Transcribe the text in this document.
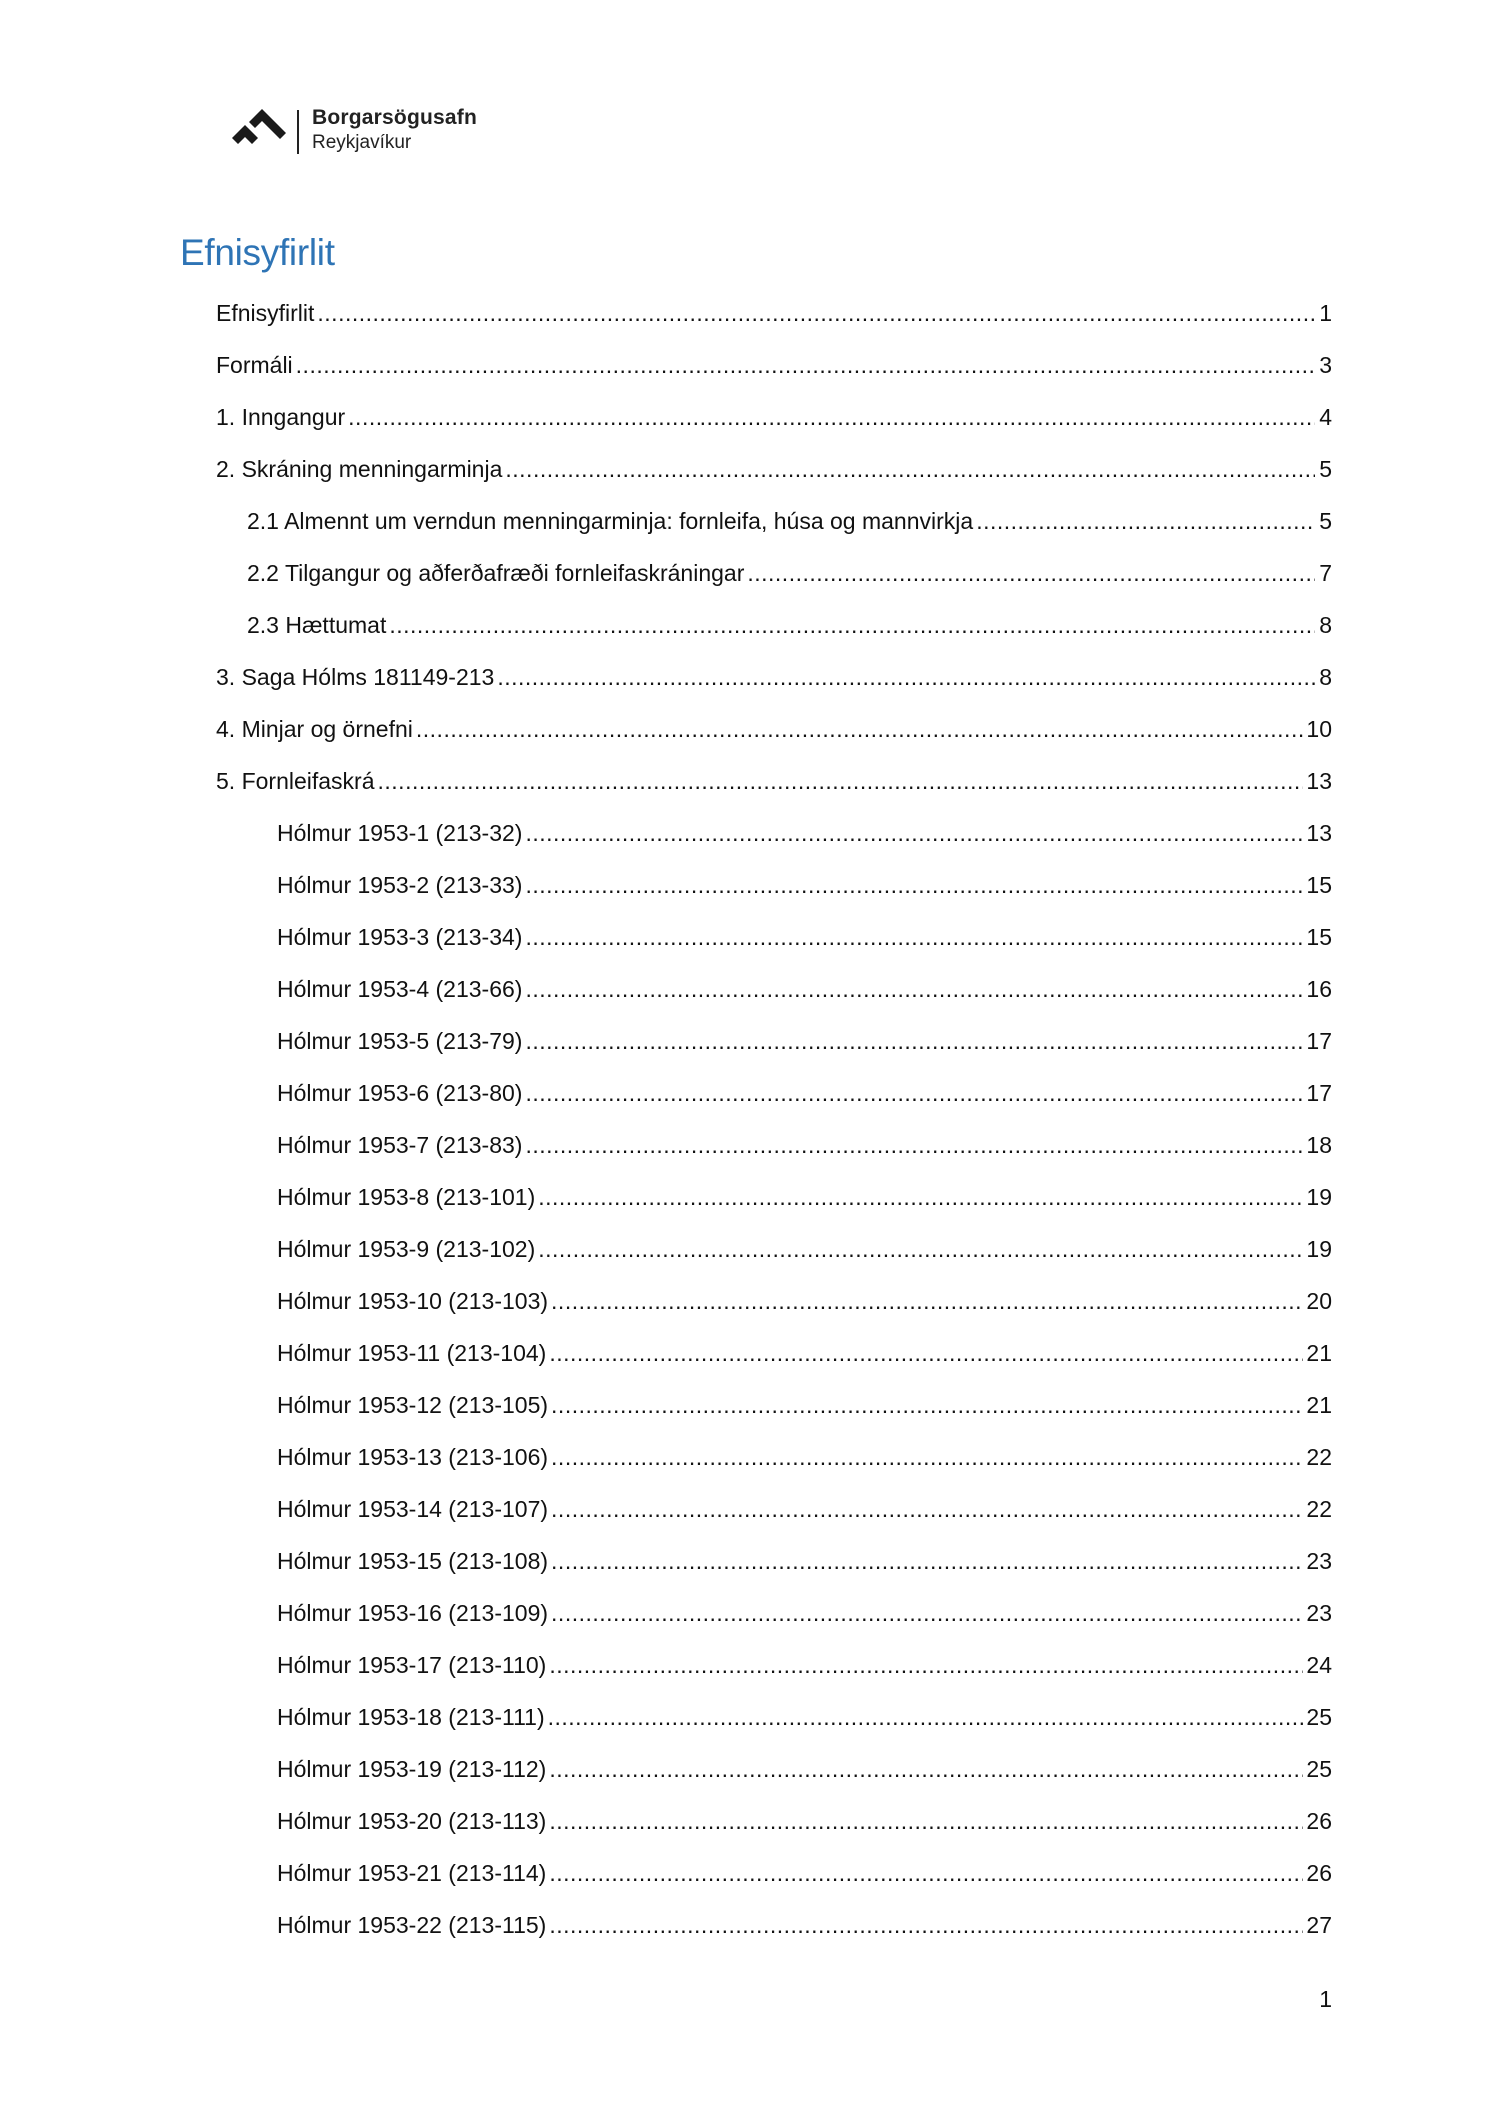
Borgarsögusafn
Reykjavíkur
Efnisyfirlit
Efnisyfirlit .....	1
Formáli .....	3
1. Inngangur .....	4
2. Skráning menningarminja .....	5
2.1 Almennt um verndun menningarminja: fornleifa, húsa og mannvirkja .....	5
2.2 Tilgangur og aðferðafræði fornleifaskráningar .....	7
2.3 Hættumat .....	8
3. Saga Hólms 181149-213 .....	8
4. Minjar og örnefni .....	10
5. Fornleifaskrá .....	13
Hólmur 1953-1 (213-32) .....	13
Hólmur 1953-2 (213-33) .....	15
Hólmur 1953-3 (213-34) .....	15
Hólmur 1953-4 (213-66) .....	16
Hólmur 1953-5 (213-79) .....	17
Hólmur 1953-6 (213-80) .....	17
Hólmur 1953-7 (213-83) .....	18
Hólmur 1953-8 (213-101) .....	19
Hólmur 1953-9 (213-102) .....	19
Hólmur 1953-10 (213-103) .....	20
Hólmur 1953-11 (213-104) .....	21
Hólmur 1953-12 (213-105) .....	21
Hólmur 1953-13 (213-106) .....	22
Hólmur 1953-14 (213-107) .....	22
Hólmur 1953-15 (213-108) .....	23
Hólmur 1953-16 (213-109) .....	23
Hólmur 1953-17 (213-110) .....	24
Hólmur 1953-18 (213-111) .....	25
Hólmur 1953-19 (213-112) .....	25
Hólmur 1953-20 (213-113) .....	26
Hólmur 1953-21 (213-114) .....	26
Hólmur 1953-22 (213-115) .....	27
1
